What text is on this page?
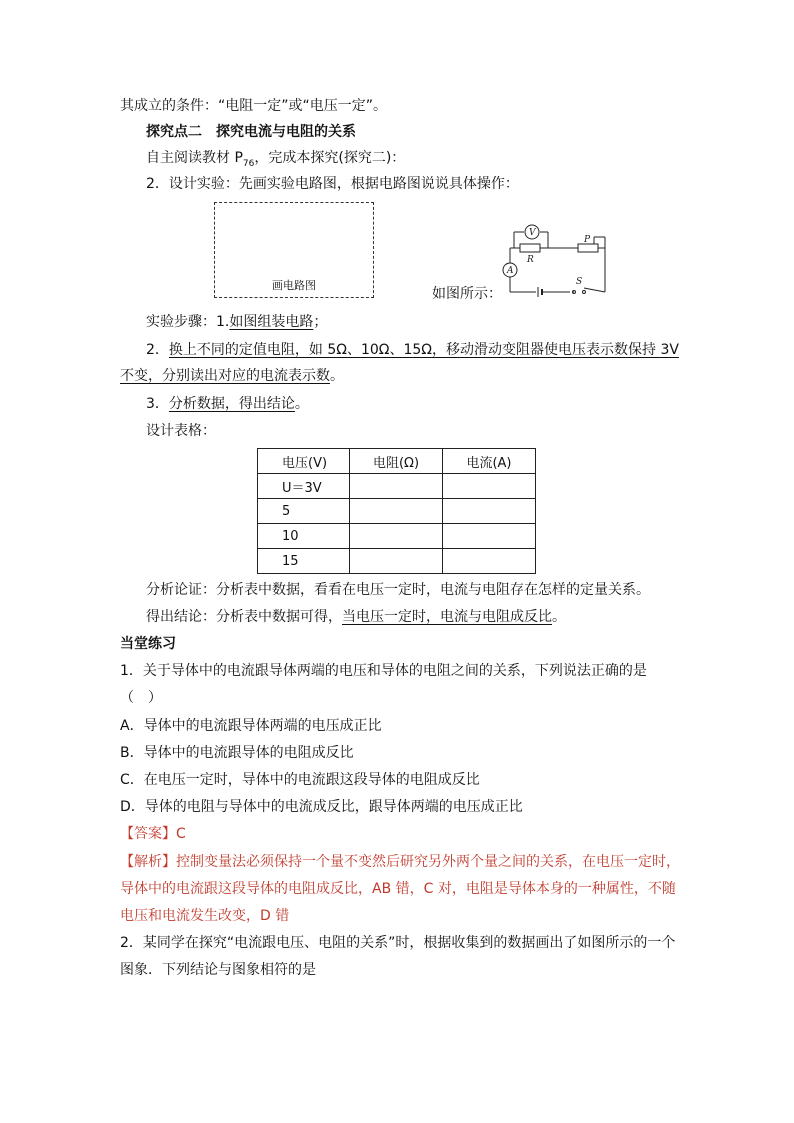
其成立的条件：“电阻一定”或“电压一定”。
探究点二　探究电流与电阻的关系
自主阅读教材 $P_{76}$，完成本探究(探究二)：
2．设计实验：先画实验电路图，根据电路图说说具体操作：
画电路图
如图所示：
V
A
R
P
S
实验步骤：1.如图组装电路；
2．换上不同的定值电阻，如 5Ω、10Ω、15Ω，移动滑动变阻器使电压表示数保持 3V
不变，分别读出对应的电流表示数。
3．分析数据，得出结论。
设计表格：
电压(V)	电阻(Ω)	电流(A)
U＝3V		
5		
10		
15		
分析论证：分析表中数据，看看在电压一定时，电流与电阻存在怎样的定量关系。
得出结论：分析表中数据可得，当电压一定时，电流与电阻成反比。
当堂练习
1．关于导体中的电流跟导体两端的电压和导体的电阻之间的关系，下列说法正确的是
（　）
A．导体中的电流跟导体两端的电压成正比
B．导体中的电流跟导体的电阻成反比
C．在电压一定时，导体中的电流跟这段导体的电阻成反比
D．导体的电阻与导体中的电流成反比，跟导体两端的电压成正比
【答案】C
【解析】控制变量法必须保持一个量不变然后研究另外两个量之间的关系，在电压一定时，
导体中的电流跟这段导体的电阻成反比，AB 错，C 对，电阻是导体本身的一种属性，不随
电压和电流发生改变，D 错
2．某同学在探究“电流跟电压、电阻的关系”时，根据收集到的数据画出了如图所示的一个
图象．下列结论与图象相符的是
